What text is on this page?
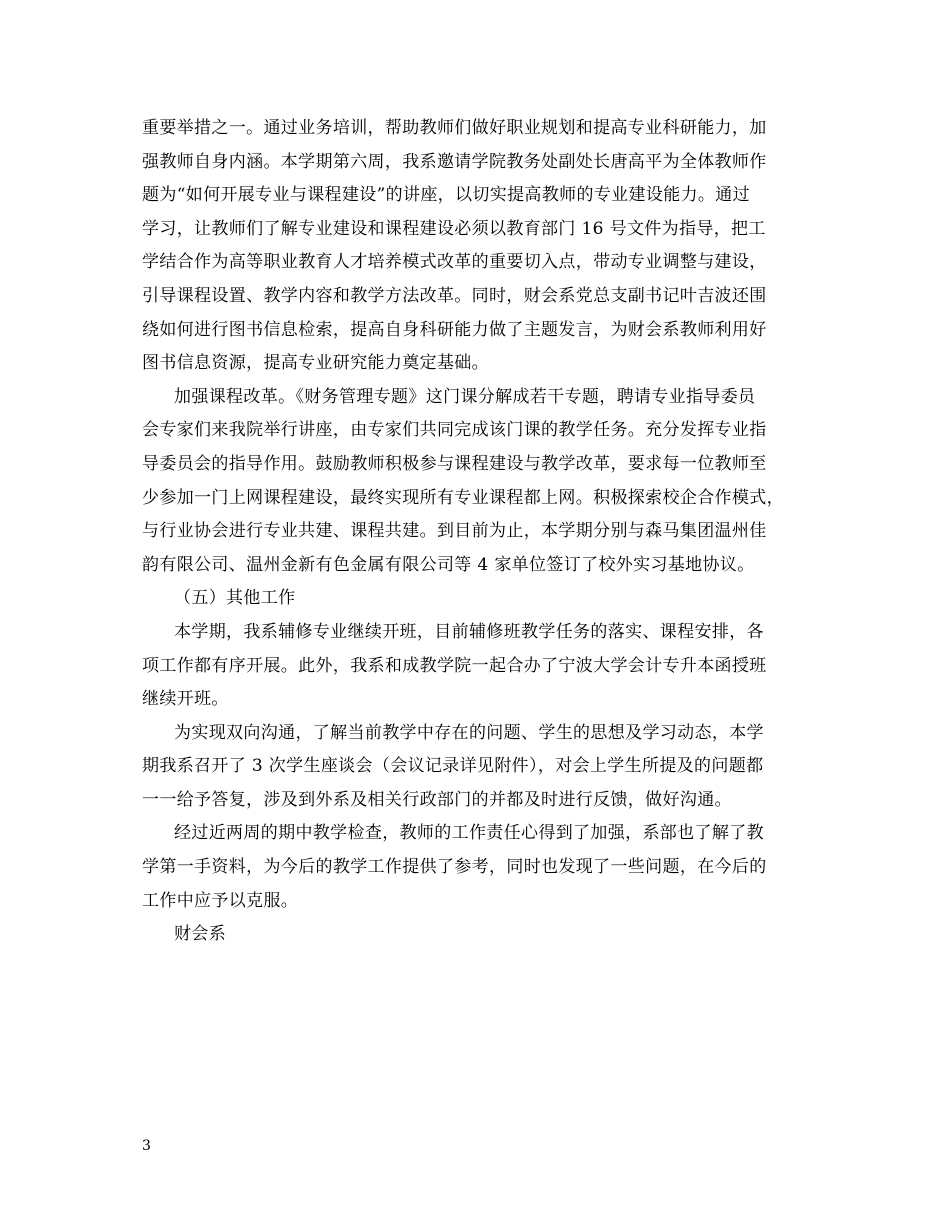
重要举措之一。通过业务培训，帮助教师们做好职业规划和提高专业科研能力，加
强教师自身内涵。本学期第六周，我系邀请学院教务处副处长唐高平为全体教师作
题为“如何开展专业与课程建设”的讲座，以切实提高教师的专业建设能力。通过
学习，让教师们了解专业建设和课程建设必须以教育部门 16 号文件为指导，把工
学结合作为高等职业教育人才培养模式改革的重要切入点，带动专业调整与建设，
引导课程设置、教学内容和教学方法改革。同时，财会系党总支副书记叶吉波还围
绕如何进行图书信息检索，提高自身科研能力做了主题发言，为财会系教师利用好
图书信息资源，提高专业研究能力奠定基础。
加强课程改革。《财务管理专题》这门课分解成若干专题，聘请专业指导委员
会专家们来我院举行讲座，由专家们共同完成该门课的教学任务。充分发挥专业指
导委员会的指导作用。鼓励教师积极参与课程建设与教学改革，要求每一位教师至
少参加一门上网课程建设，最终实现所有专业课程都上网。积极探索校企合作模式，
与行业协会进行专业共建、课程共建。到目前为止，本学期分别与森马集团温州佳
韵有限公司、温州金新有色金属有限公司等 4 家单位签订了校外实习基地协议。
（五）其他工作
本学期，我系辅修专业继续开班，目前辅修班教学任务的落实、课程安排，各
项工作都有序开展。此外，我系和成教学院一起合办了宁波大学会计专升本函授班
继续开班。
为实现双向沟通，了解当前教学中存在的问题、学生的思想及学习动态，本学
期我系召开了 3 次学生座谈会（会议记录详见附件），对会上学生所提及的问题都
一一给予答复，涉及到外系及相关行政部门的并都及时进行反馈，做好沟通。
经过近两周的期中教学检查，教师的工作责任心得到了加强，系部也了解了教
学第一手资料，为今后的教学工作提供了参考，同时也发现了一些问题，在今后的
工作中应予以克服。
财会系
3
